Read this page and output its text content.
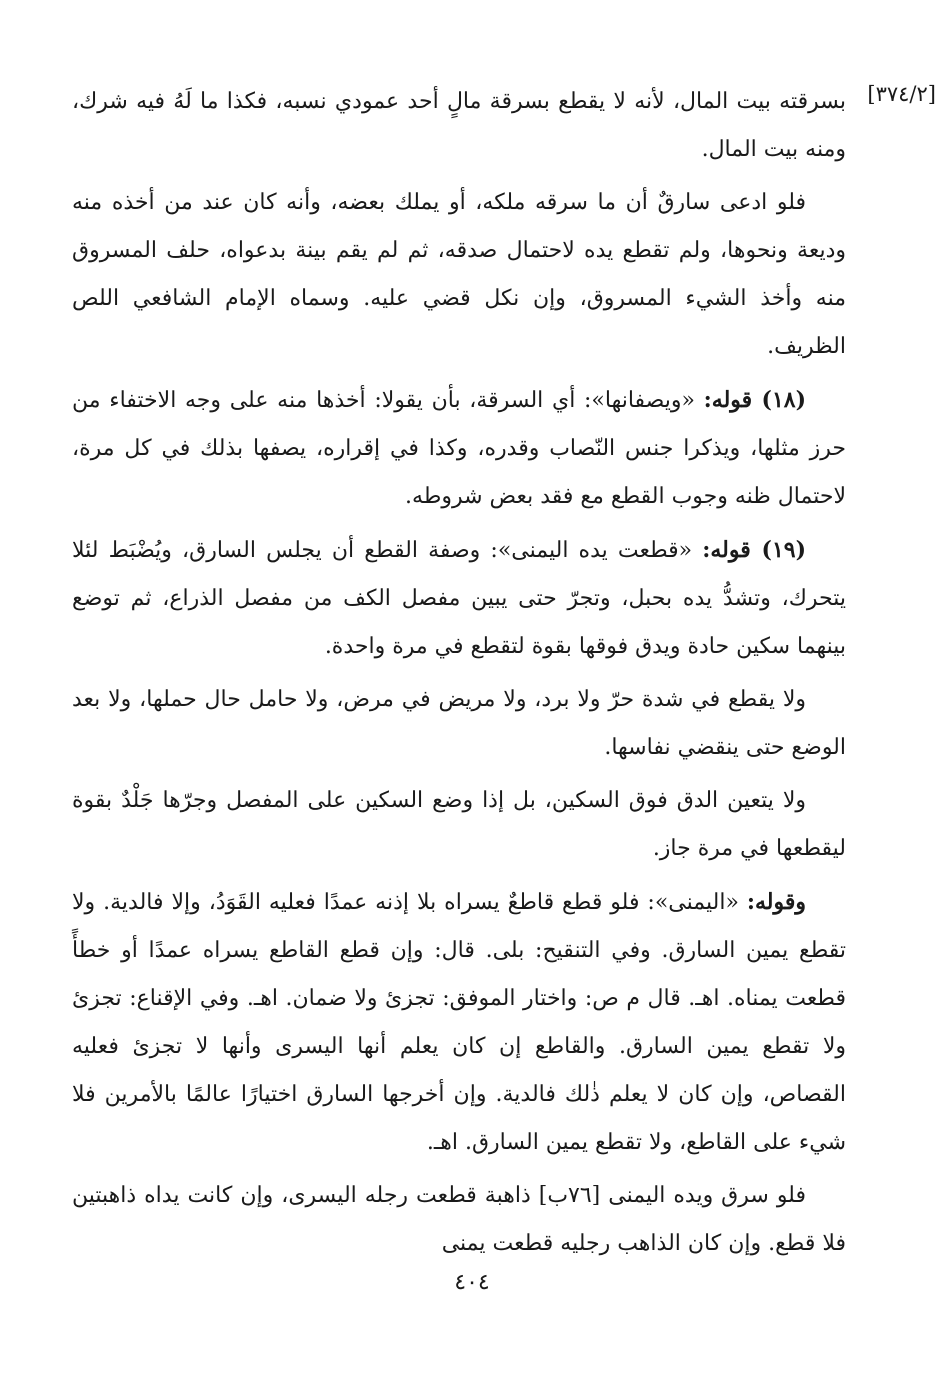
[٣٧٤/٢]

بسرقته بيت المال، لأنه لا يقطع بسرقة مالٍ أحد عمودي نسبه، فكذا ما لَهُ فيه شرك، ومنه بيت المال.

فلو ادعى سارقٌ أن ما سرقه ملكه، أو يملك بعضه، وأنه كان عند من أخذه منه وديعة ونحوها، ولم تقطع يده لاحتمال صدقه، ثم لم يقم بينة بدعواه، حلف المسروق منه وأخذ الشيء المسروق، وإن نكل قضي عليه. وسماه الإمام الشافعي اللص الظريف.

(١٨) قوله: «ويصفانها»: أي السرقة، بأن يقولا: أخذها منه على وجه الاختفاء من حرز مثلها، ويذكرا جنس النّصاب وقدره، وكذا في إقراره، يصفها بذلك في كل مرة، لاحتمال ظنه وجوب القطع مع فقد بعض شروطه.

(١٩) قوله: «قطعت يده اليمنى»: وصفة القطع أن يجلس السارق، ويُضْبَط لئلا يتحرك، وتشدُّ يده بحبل، وتجرّ حتى يبين مفصل الكف من مفصل الذراع، ثم توضع بينهما سكين حادة ويدق فوقها بقوة لتقطع في مرة واحدة.

ولا يقطع في شدة حرّ ولا برد، ولا مريض في مرض، ولا حامل حال حملها، ولا بعد الوضع حتى ينقضي نفاسها.

ولا يتعين الدق فوق السكين، بل إذا وضع السكين على المفصل وجرّها جَلْدٌ بقوة ليقطعها في مرة جاز.

وقوله: «اليمنى»: فلو قطع قاطعٌ يسراه بلا إذنه عمدًا فعليه القَوَدُ، وإلا فالدية. ولا تقطع يمين السارق. وفي التنقيح: بلى. قال: وإن قطع القاطع يسراه عمدًا أو خطأً قطعت يمناه. اهـ. قال م ص: واختار الموفق: تجزئ ولا ضمان. اهـ. وفي الإقناع: تجزئ ولا تقطع يمين السارق. والقاطع إن كان يعلم أنها اليسرى وأنها لا تجزئ فعليه القصاص، وإن كان لا يعلم ذٰلك فالدية. وإن أخرجها السارق اختيارًا عالمًا بالأمرين فلا شيء على القاطع، ولا تقطع يمين السارق. اهـ.

فلو سرق ويده اليمنى [٧٦ب] ذاهبة قطعت رجله اليسرى، وإن كانت يداه ذاهبتين فلا قطع. وإن كان الذاهب رجليه قطعت يمنى

٤٠٤
